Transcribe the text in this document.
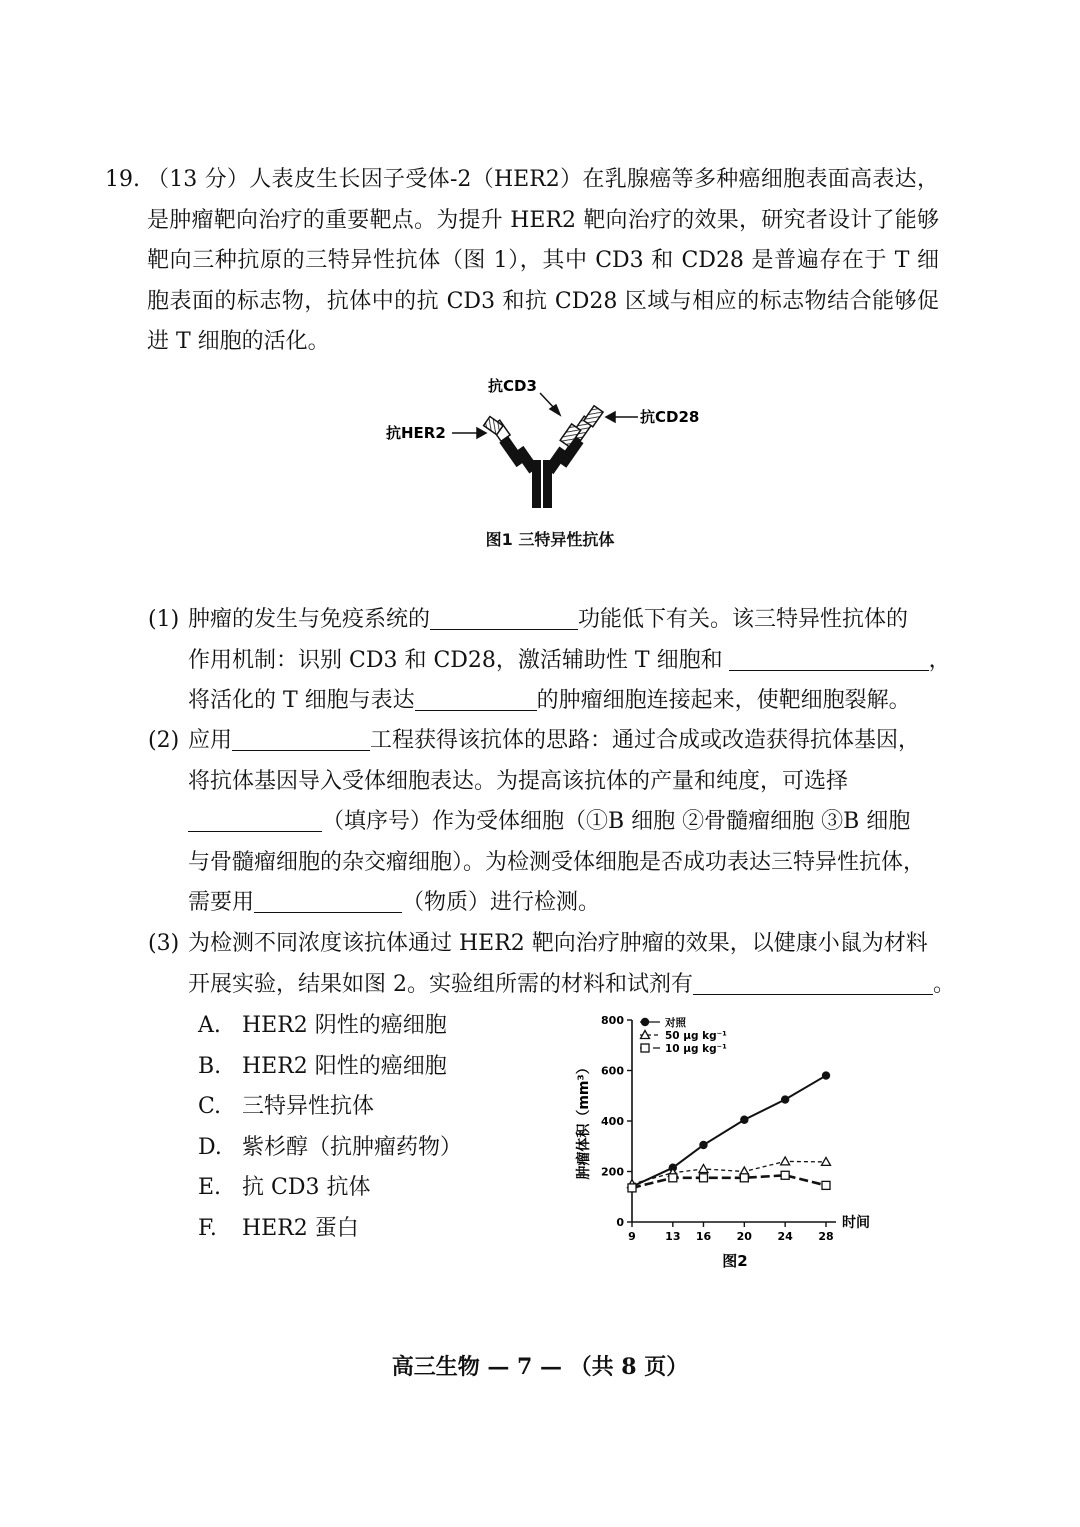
19. （13 分）人表皮生长因子受体-2（HER2）在乳腺癌等多种癌细胞表面高表达，
是肿瘤靶向治疗的重要靶点。为提升 HER2 靶向治疗的效果，研究者设计了能够
靶向三种抗原的三特异性抗体（图 1），其中 CD3 和 CD28 是普遍存在于 T 细
胞表面的标志物，抗体中的抗 CD3 和抗 CD28 区域与相应的标志物结合能够促
进 T 细胞的活化。
抗CD3
抗CD28
抗HER2
图1 三特异性抗体
(1) 肿瘤的发生与免疫系统的	功能低下有关。该三特异性抗体的
作用机制：识别 CD3 和 CD28，激活辅助性 T 细胞和	，
将活化的 T 细胞与表达	的肿瘤细胞连接起来，使靶细胞裂解。
(2) 应用	工程获得该抗体的思路：通过合成或改造获得抗体基因，
将抗体基因导入受体细胞表达。为提高该抗体的产量和纯度，可选择
（填序号）作为受体细胞（①B 细胞 ②骨髓瘤细胞 ③B 细胞
与骨髓瘤细胞的杂交瘤细胞）。为检测受体细胞是否成功表达三特异性抗体，
需要用	（物质）进行检测。
(3) 为检测不同浓度该抗体通过 HER2 靶向治疗肿瘤的效果，以健康小鼠为材料
开展实验，结果如图 2。实验组所需的材料和试剂有	。
A. HER2 阴性的癌细胞
B. HER2 阳性的癌细胞
C. 三特异性抗体
D. 紫杉醇（抗肿瘤药物）
E. 抗 CD3 抗体
F. HER2 蛋白	0
200
400
600
800
9	13 16 20 24 28
对照
50 μg kg⁻¹
10 μg kg⁻¹
肿瘤体积（mm³）
时间
图2
高三生物 — 7 — （共 8 页）
